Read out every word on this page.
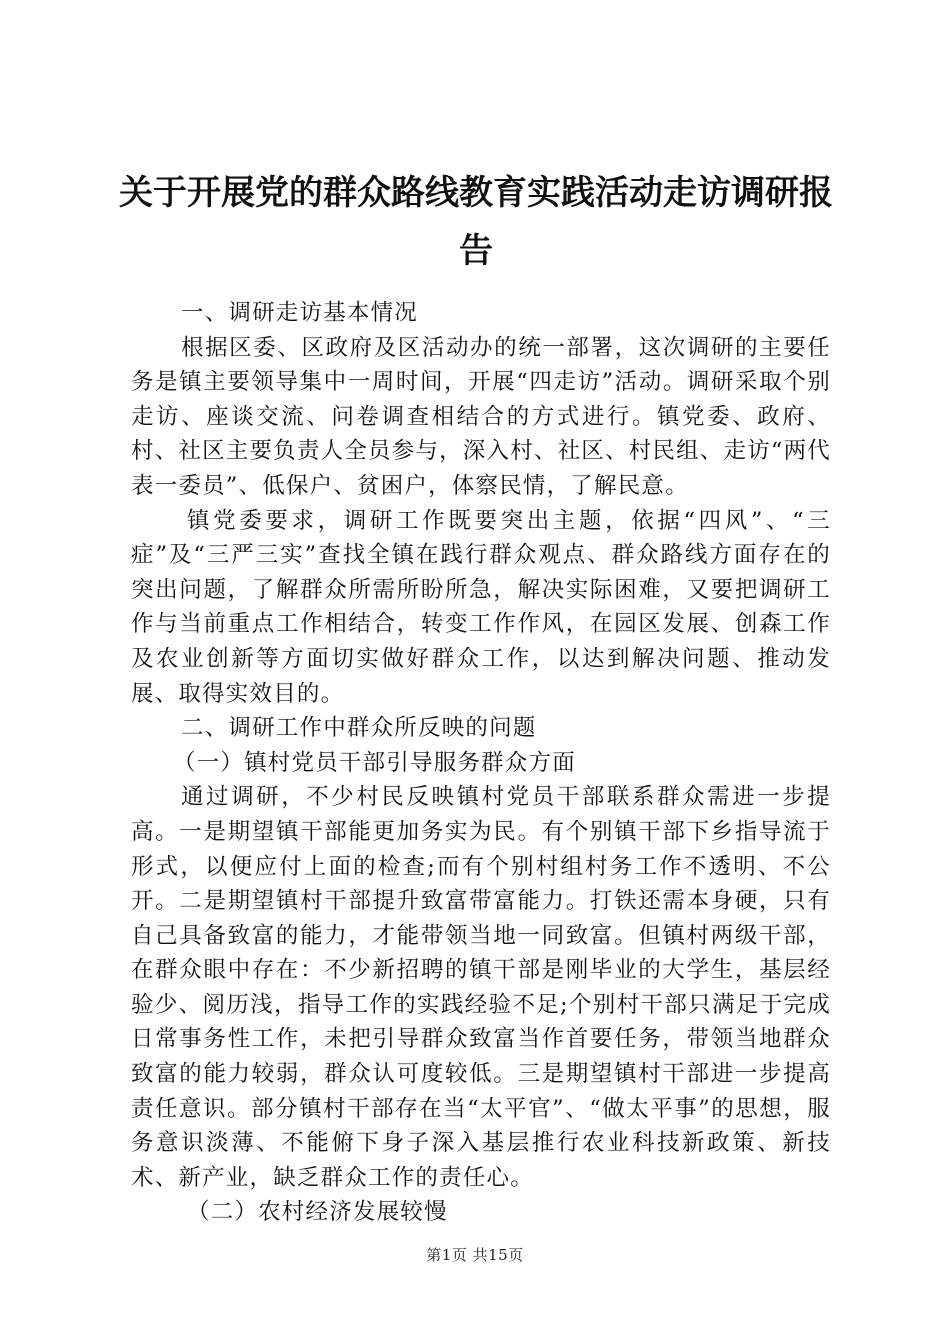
关于开展党的群众路线教育实践活动走访调研报告

一、调研走访基本情况

根据区委、区政府及区活动办的统一部署，这次调研的主要任务是镇主要领导集中一周时间，开展“四走访”活动。调研采取个别走访、座谈交流、问卷调查相结合的方式进行。镇党委、政府、村、社区主要负责人全员参与，深入村、社区、村民组、走访“两代表一委员”、低保户、贫困户，体察民情，了解民意。

镇党委要求，调研工作既要突出主题，依据“四风”、“三症”及“三严三实”查找全镇在践行群众观点、群众路线方面存在的突出问题，了解群众所需所盼所急，解决实际困难，又要把调研工作与当前重点工作相结合，转变工作作风，在园区发展、创森工作及农业创新等方面切实做好群众工作，以达到解决问题、推动发展、取得实效目的。

二、调研工作中群众所反映的问题

（一）镇村党员干部引导服务群众方面

通过调研，不少村民反映镇村党员干部联系群众需进一步提高。一是期望镇干部能更加务实为民。有个别镇干部下乡指导流于形式，以便应付上面的检查;而有个别村组村务工作不透明、不公开。二是期望镇村干部提升致富带富能力。打铁还需本身硬，只有自己具备致富的能力，才能带领当地一同致富。但镇村两级干部，在群众眼中存在：不少新招聘的镇干部是刚毕业的大学生，基层经验少、阅历浅，指导工作的实践经验不足;个别村干部只满足于完成日常事务性工作，未把引导群众致富当作首要任务，带领当地群众致富的能力较弱，群众认可度较低。三是期望镇村干部进一步提高责任意识。部分镇村干部存在当“太平官”、“做太平事”的思想，服务意识淡薄、不能俯下身子深入基层推行农业科技新政策、新技术、新产业，缺乏群众工作的责任心。

（二）农村经济发展较慢

第1页 共15页
